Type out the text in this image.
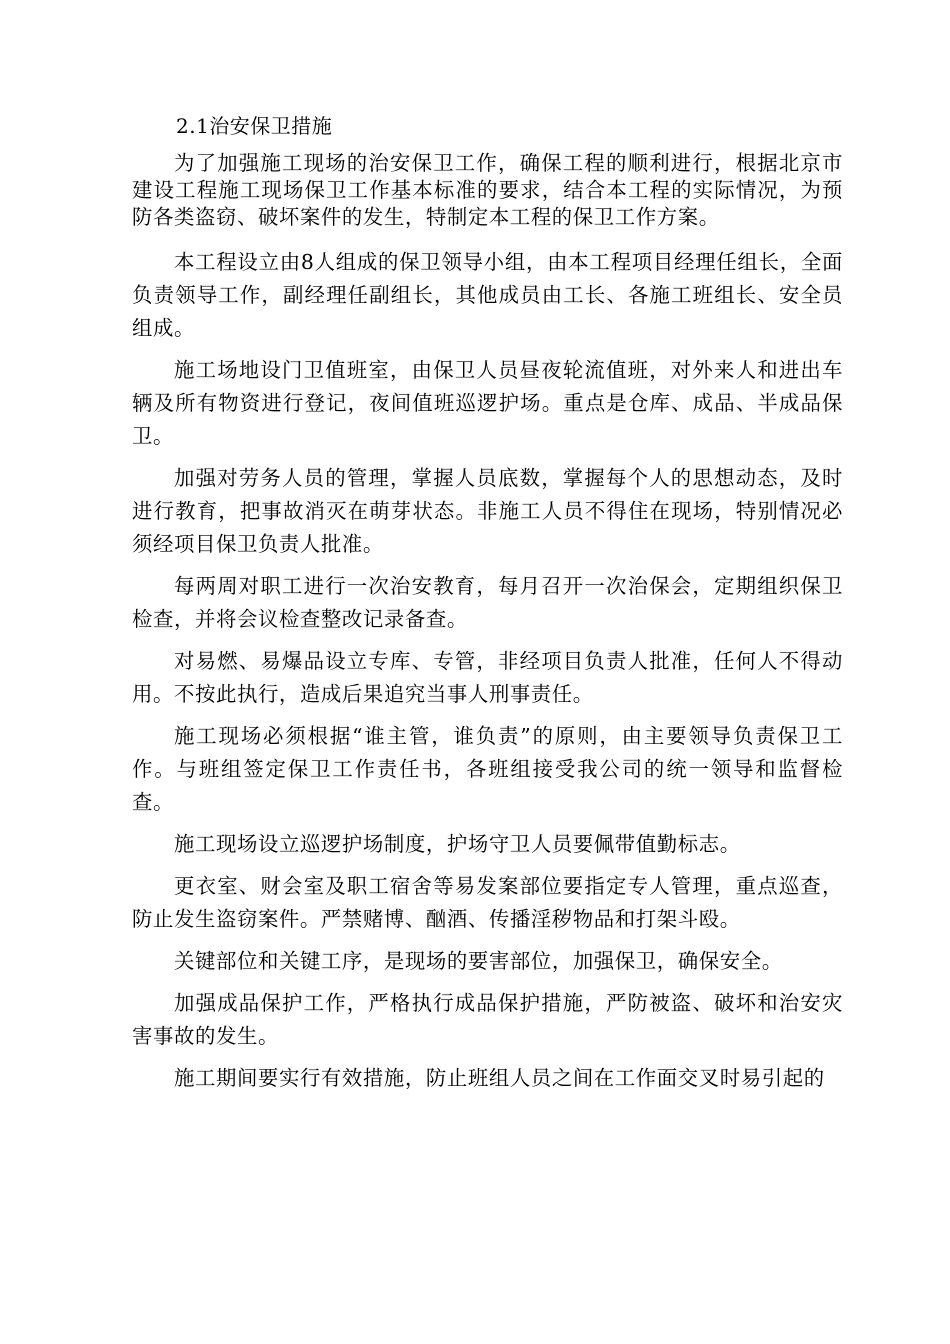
2.1治安保卫措施

为了加强施工现场的治安保卫工作，确保工程的顺利进行，根据北京市建设工程施工现场保卫工作基本标准的要求，结合本工程的实际情况，为预防各类盗窃、破坏案件的发生，特制定本工程的保卫工作方案。

本工程设立由8人组成的保卫领导小组，由本工程项目经理任组长，全面负责领导工作，副经理任副组长，其他成员由工长、各施工班组长、安全员组成。

施工场地设门卫值班室，由保卫人员昼夜轮流值班，对外来人和进出车辆及所有物资进行登记，夜间值班巡逻护场。重点是仓库、成品、半成品保卫。

加强对劳务人员的管理，掌握人员底数，掌握每个人的思想动态，及时进行教育，把事故消灭在萌芽状态。非施工人员不得住在现场，特别情况必须经项目保卫负责人批准。

每两周对职工进行一次治安教育，每月召开一次治保会，定期组织保卫检查，并将会议检查整改记录备查。

对易燃、易爆品设立专库、专管，非经项目负责人批准，任何人不得动用。不按此执行，造成后果追究当事人刑事责任。

施工现场必须根据“谁主管，谁负责”的原则，由主要领导负责保卫工作。与班组签定保卫工作责任书，各班组接受我公司的统一领导和监督检查。

施工现场设立巡逻护场制度，护场守卫人员要佩带值勤标志。

更衣室、财会室及职工宿舍等易发案部位要指定专人管理，重点巡查，防止发生盗窃案件。严禁赌博、酗酒、传播淫秽物品和打架斗殴。

关键部位和关键工序，是现场的要害部位，加强保卫，确保安全。

加强成品保护工作，严格执行成品保护措施，严防被盗、破坏和治安灾害事故的发生。

施工期间要实行有效措施，防止班组人员之间在工作面交叉时易引起的
